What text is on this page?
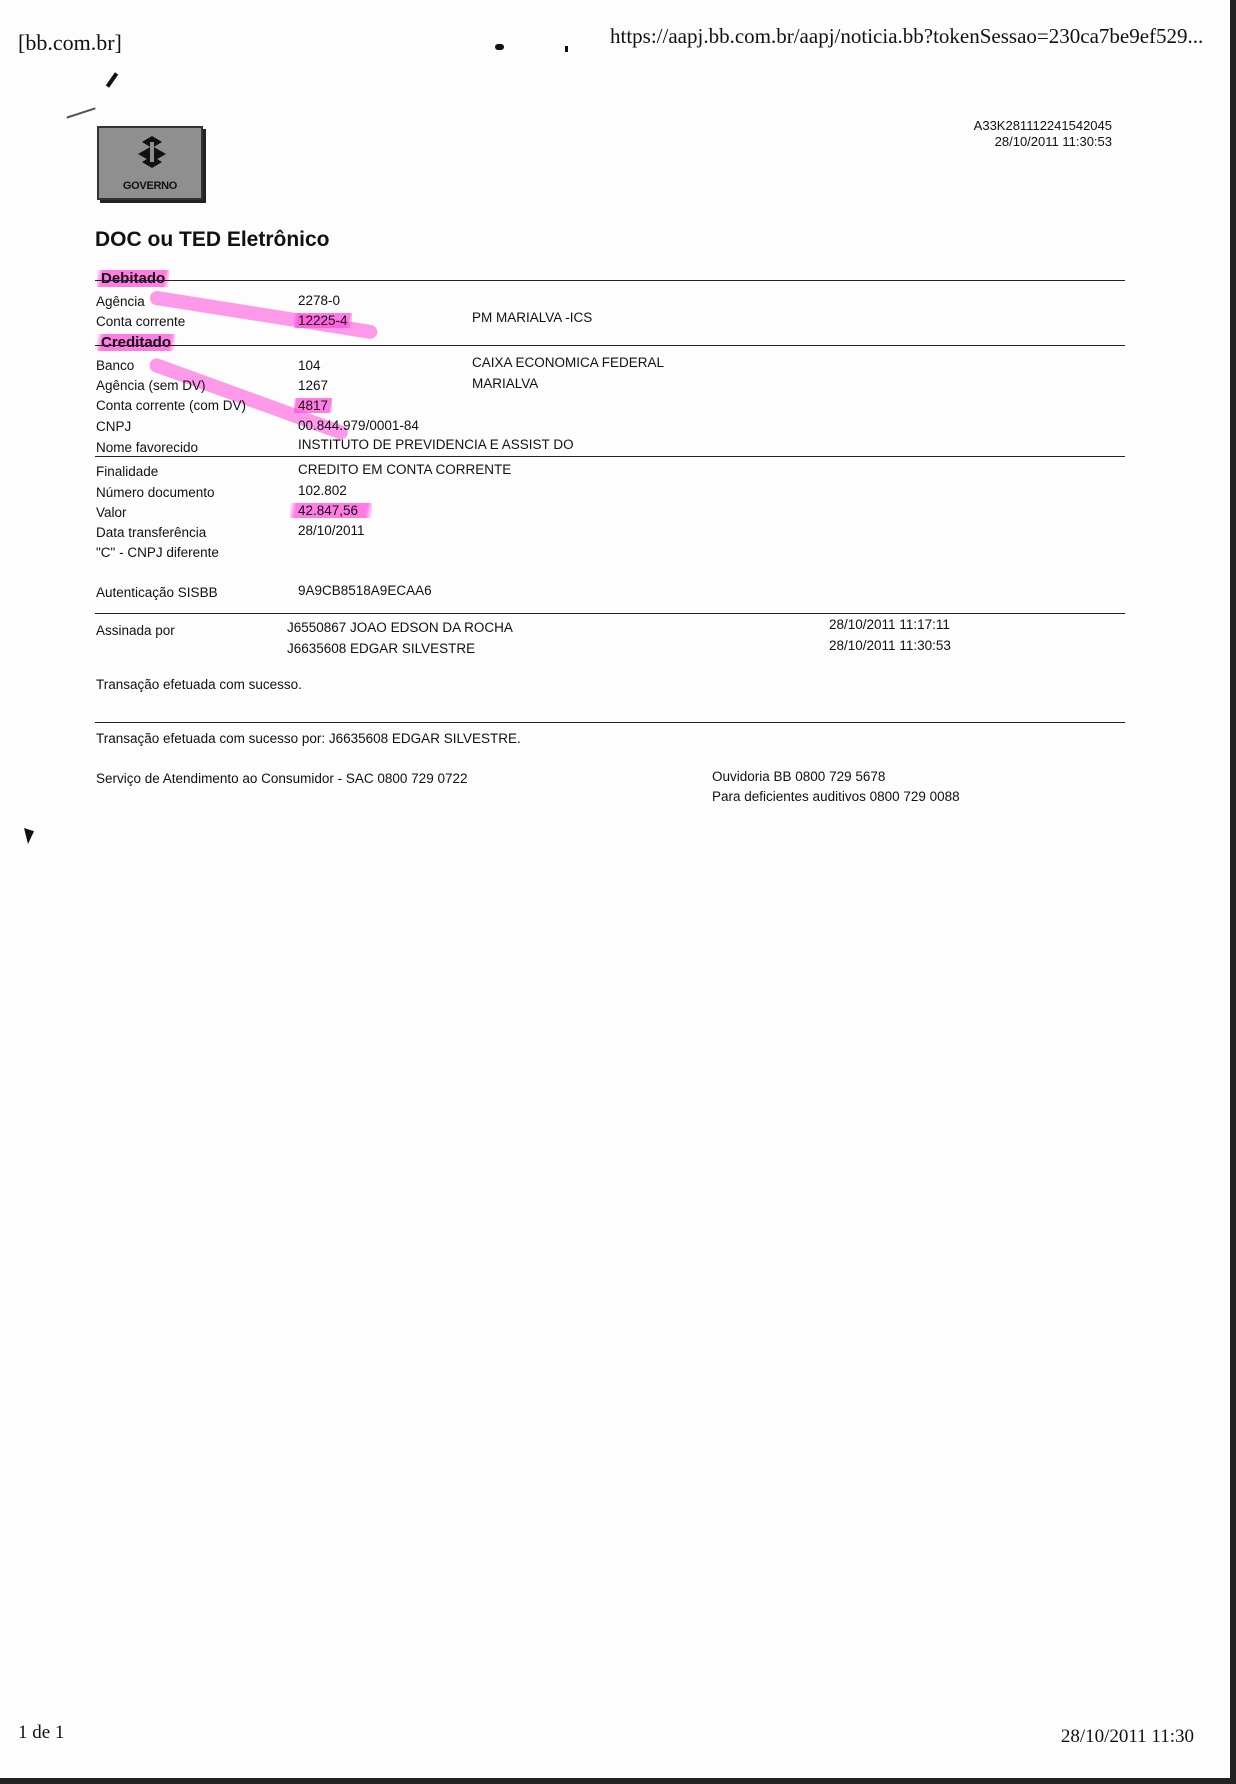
[bb.com.br]	https://aapj.bb.com.br/aapj/noticia.bb?tokenSessao=230ca7be9ef529...
A33K281112241542045
28/10/2011 11:30:53
GOVERNO
DOC ou TED Eletrônico
Debitado
Agência	2278-0
Conta corrente	12225-4	PM MARIALVA -ICS
Creditado
Banco	104	CAIXA ECONOMICA FEDERAL
Agência (sem DV)	1267	MARIALVA
Conta corrente (com DV)	4817
CNPJ	00.844.979/0001-84
Nome favorecido	INSTITUTO DE PREVIDENCIA E ASSIST DO
Finalidade	CREDITO EM CONTA CORRENTE
Número documento	102.802
Valor	42.847,56
Data transferência	28/10/2011
"C" - CNPJ diferente
Autenticação SISBB	9A9CB8518A9ECAA6
Assinada por	J6550867 JOAO EDSON DA ROCHA	28/10/2011 11:17:11
J6635608 EDGAR SILVESTRE	28/10/2011 11:30:53
Transação efetuada com sucesso.
Transação efetuada com sucesso por: J6635608 EDGAR SILVESTRE.
Serviço de Atendimento ao Consumidor - SAC 0800 729 0722	Ouvidoria BB 0800 729 5678
Para deficientes auditivos 0800 729 0088
1 de 1	28/10/2011 11:30
